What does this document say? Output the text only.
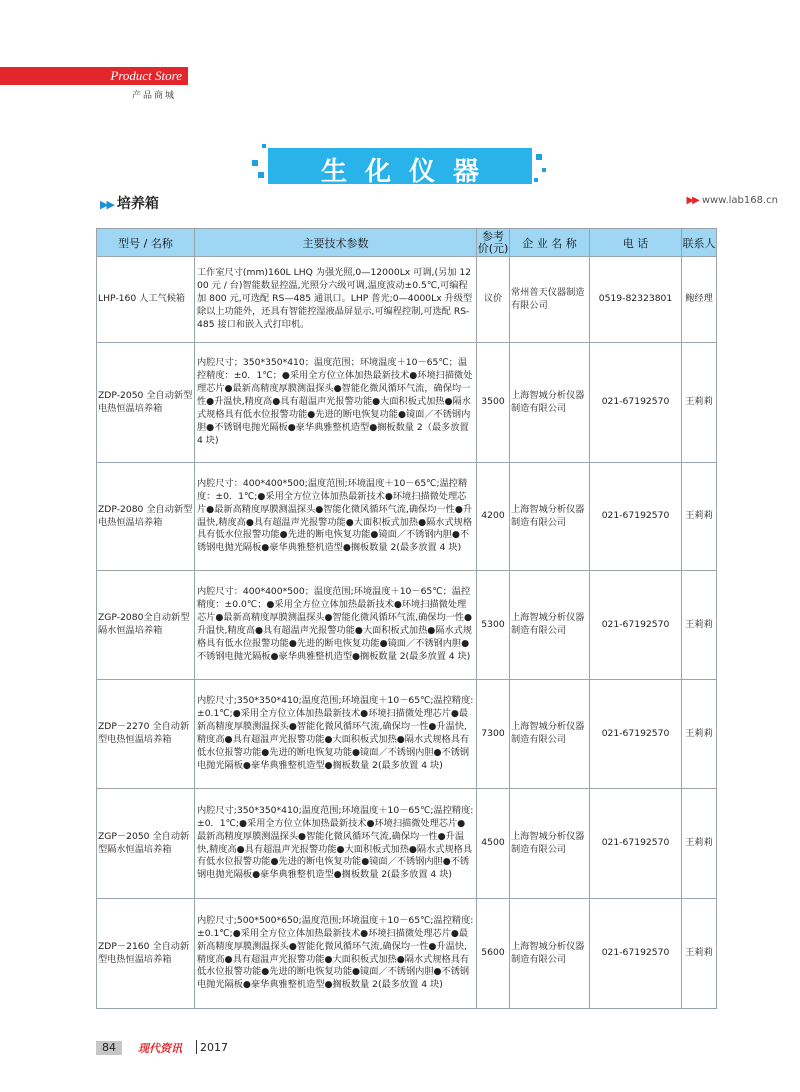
Product Store
产品商城
生化仪器
▶▶ 培养箱	▶▶ www.lab168.cn
型号 / 名称	主要技术参数	参考价(元)	企 业 名 称	电 话	联系人
LHP-160 人工气候箱	工作室尺寸(mm)160L LHQ 为强光照,0—12000Lx 可调,(另加 1200 元 / 台)智能数显控温,光照分六级可调,温度波动±0.5℃,可编程加 800 元,可选配 RS—485 通讯口。LHP 普光;0—4000Lx 升级型除以上功能外，还具有智能控湿液晶屏显示,可编程控制,可选配 RS-485 接口和嵌入式打印机。	议价	常州普天仪器制造有限公司	0519-82323801	鲍经理
ZDP-2050 全自动新型电热恒温培养箱	内腔尺寸；350*350*410；温度范围；环境温度＋10－65℃；温控精度：±0．1℃；●采用全方位立体加热最新技术●环境扫描微处理芯片●最新高精度厚膜测温探头●智能化微风循环气流，确保均一性●升温快,精度高●具有超温声光报警功能●大面积板式加热●隔水式规格具有低水位报警功能●先进的断电恢复功能●镜面／不锈钢内胆●不锈钢电抛光隔板●豪华典雅整机造型●搁板数量 2（最多放置 4 块)	3500	上海智城分析仪器制造有限公司	021-67192570	王莉莉
ZDP-2080 全自动新型电热恒温培养箱	内腔尺寸：400*400*500;温度范围;环境温度＋10－65℃;温控精度：±0．1℃;●采用全方位立体加热最新技术●环境扫描微处理芯片●最新高精度厚膜测温探头●智能化微风循环气流,确保均一性●升温快,精度高●具有超温声光报警功能●大面积板式加热●隔水式规格具有低水位报警功能●先进的断电恢复功能●镜面／不锈钢内胆●不锈钢电抛光隔板●豪华典雅整机造型●搁板数量 2(最多放置 4 块)	4200	上海智城分析仪器制造有限公司	021-67192570	王莉莉
ZGP-2080全自动新型隔水恒温培养箱	内腔尺寸：400*400*500；温度范围;环境温度＋10－65℃；温控精度：±0.0℃；●采用全方位立体加热最新技术●环境扫描微处理芯片●最新高精度厚膜测温探头●智能化微风循环气流,确保均一性●升温快,精度高●具有超温声光报警功能●大面积板式加热●隔水式规格具有低水位报警功能●先进的断电恢复功能●镜面／不锈钢内胆●不锈钢电抛光隔板●豪华典雅整机造型●搁板数量 2(最多放置 4 块)	5300	上海智城分析仪器制造有限公司	021-67192570	王莉莉
ZDP－2270 全自动新型电热恒温培养箱	内腔尺寸;350*350*410;温度范围;环境温度＋10－65℃;温控精度:±0.1℃;●采用全方位立体加热最新技术●环境扫描微处理芯片●最新高精度厚膜测温探头●智能化微风循环气流,确保均一性●升温快,精度高●具有超温声光报警功能●大面积板式加热●隔水式规格具有低水位报警功能●先进的断电恢复功能●镜面／不锈钢内胆●不锈钢电抛光隔板●豪华典雅整机造型●搁板数量 2(最多放置 4 块)	7300	上海智城分析仪器制造有限公司	021-67192570	王莉莉
ZGP－2050 全自动新型隔水恒温培养箱	内腔尺寸;350*350*410;温度范围;环境温度＋10－65℃;温控精度:±0．1℃;●采用全方位立体加热最新技术●环境扫描微处理芯片●最新高精度厚膜测温探头●智能化微风循环气流,确保均一性●升温快,精度高●具有超温声光报警功能●大面积板式加热●隔水式规格具有低水位报警功能●先进的断电恢复功能●镜面／不锈钢内胆●不锈钢电抛光隔板●豪华典雅整机造型●搁板数量 2(最多放置 4 块)	4500	上海智城分析仪器制造有限公司	021-67192570	王莉莉
ZDP－2160 全自动新型电热恒温培养箱	内腔尺寸;500*500*650;温度范围;环境温度＋10－65℃;温控精度:±0.1℃;●采用全方位立体加热最新技术●环境扫描微处理芯片●最新高精度厚膜测温探头●智能化微风循环气流,确保均一性●升温快,精度高●具有超温声光报警功能●大面积板式加热●隔水式规格具有低水位报警功能●先进的断电恢复功能●镜面／不锈钢内胆●不锈钢电抛光隔板●豪华典雅整机造型●搁板数量 2(最多放置 4 块)	5600	上海智城分析仪器制造有限公司	021-67192570	王莉莉
84	现代资讯 2017
